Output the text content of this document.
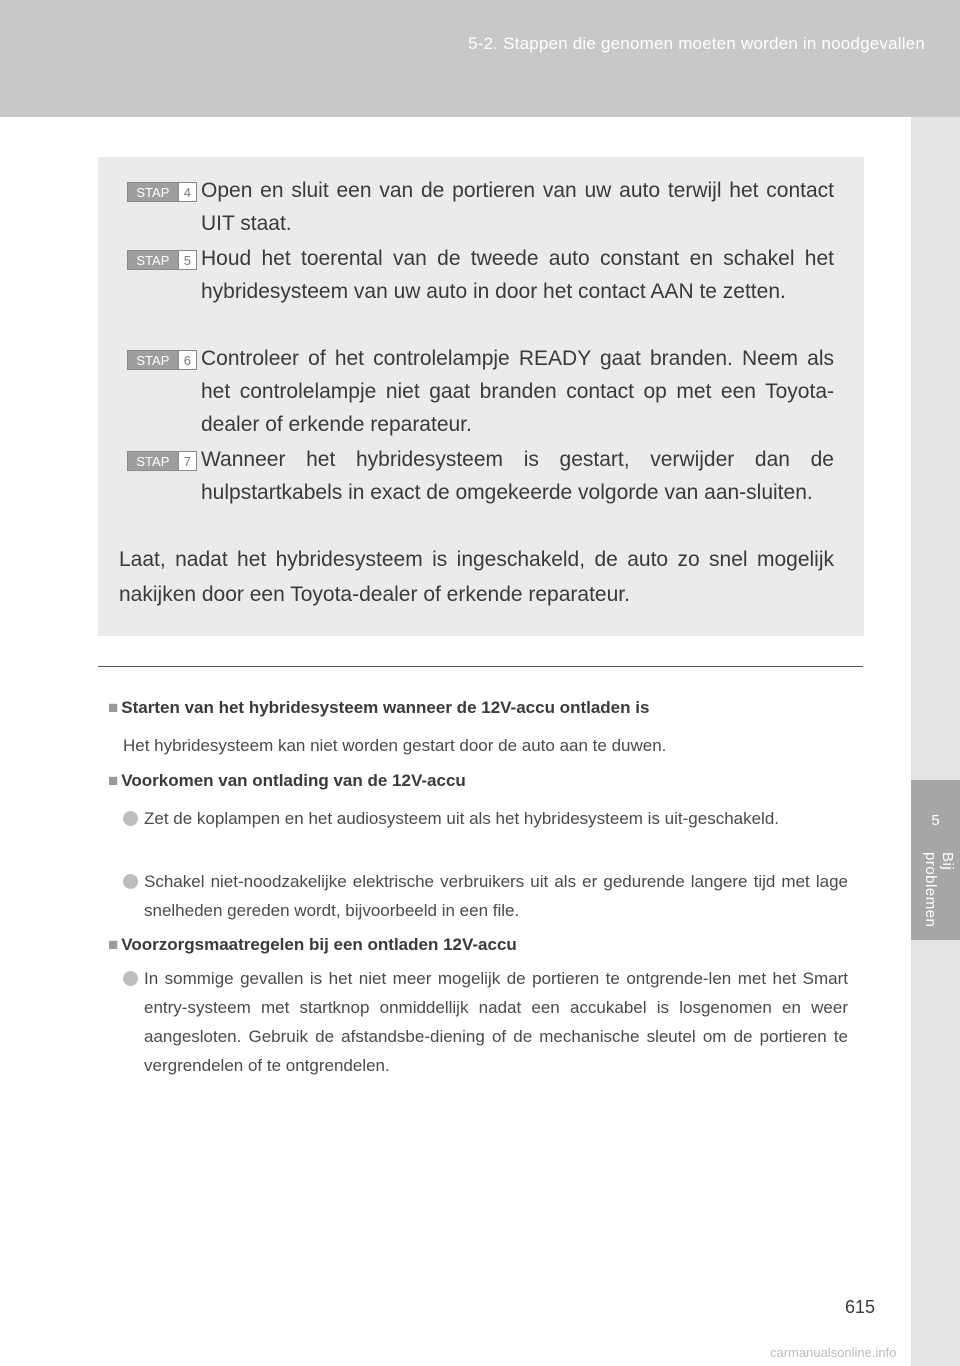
5-2. Stappen die genomen moeten worden in noodgevallen
5
Bij problemen
STAP	4 Open en sluit een van de portieren van uw auto terwijl het contact UIT staat.
STAP	5 Houd het toerental van de tweede auto constant en schakel het hybridesysteem van uw auto in door het contact AAN te zetten.
STAP	6 Controleer of het controlelampje READY gaat branden. Neem als het controlelampje niet gaat branden contact op met een Toyota-dealer of erkende reparateur.
STAP	7 Wanneer het hybridesysteem is gestart, verwijder dan de hulpstartkabels in exact de omgekeerde volgorde van aan-sluiten.
Laat, nadat het hybridesysteem is ingeschakeld, de auto zo snel mogelijk nakijken door een Toyota-dealer of erkende reparateur.
■ Starten van het hybridesysteem wanneer de 12V-accu ontladen is
Het hybridesysteem kan niet worden gestart door de auto aan te duwen.
■ Voorkomen van ontlading van de 12V-accu
Zet de koplampen en het audiosysteem uit als het hybridesysteem is uit-geschakeld.
Schakel niet-noodzakelijke elektrische verbruikers uit als er gedurende langere tijd met lage snelheden gereden wordt, bijvoorbeeld in een file.
■ Voorzorgsmaatregelen bij een ontladen 12V-accu
In sommige gevallen is het niet meer mogelijk de portieren te ontgrende-len met het Smart entry-systeem met startknop onmiddellijk nadat een accukabel is losgenomen en weer aangesloten. Gebruik de afstandsbe-diening of de mechanische sleutel om de portieren te vergrendelen of te ontgrendelen.
615
carmanualsonline.info
